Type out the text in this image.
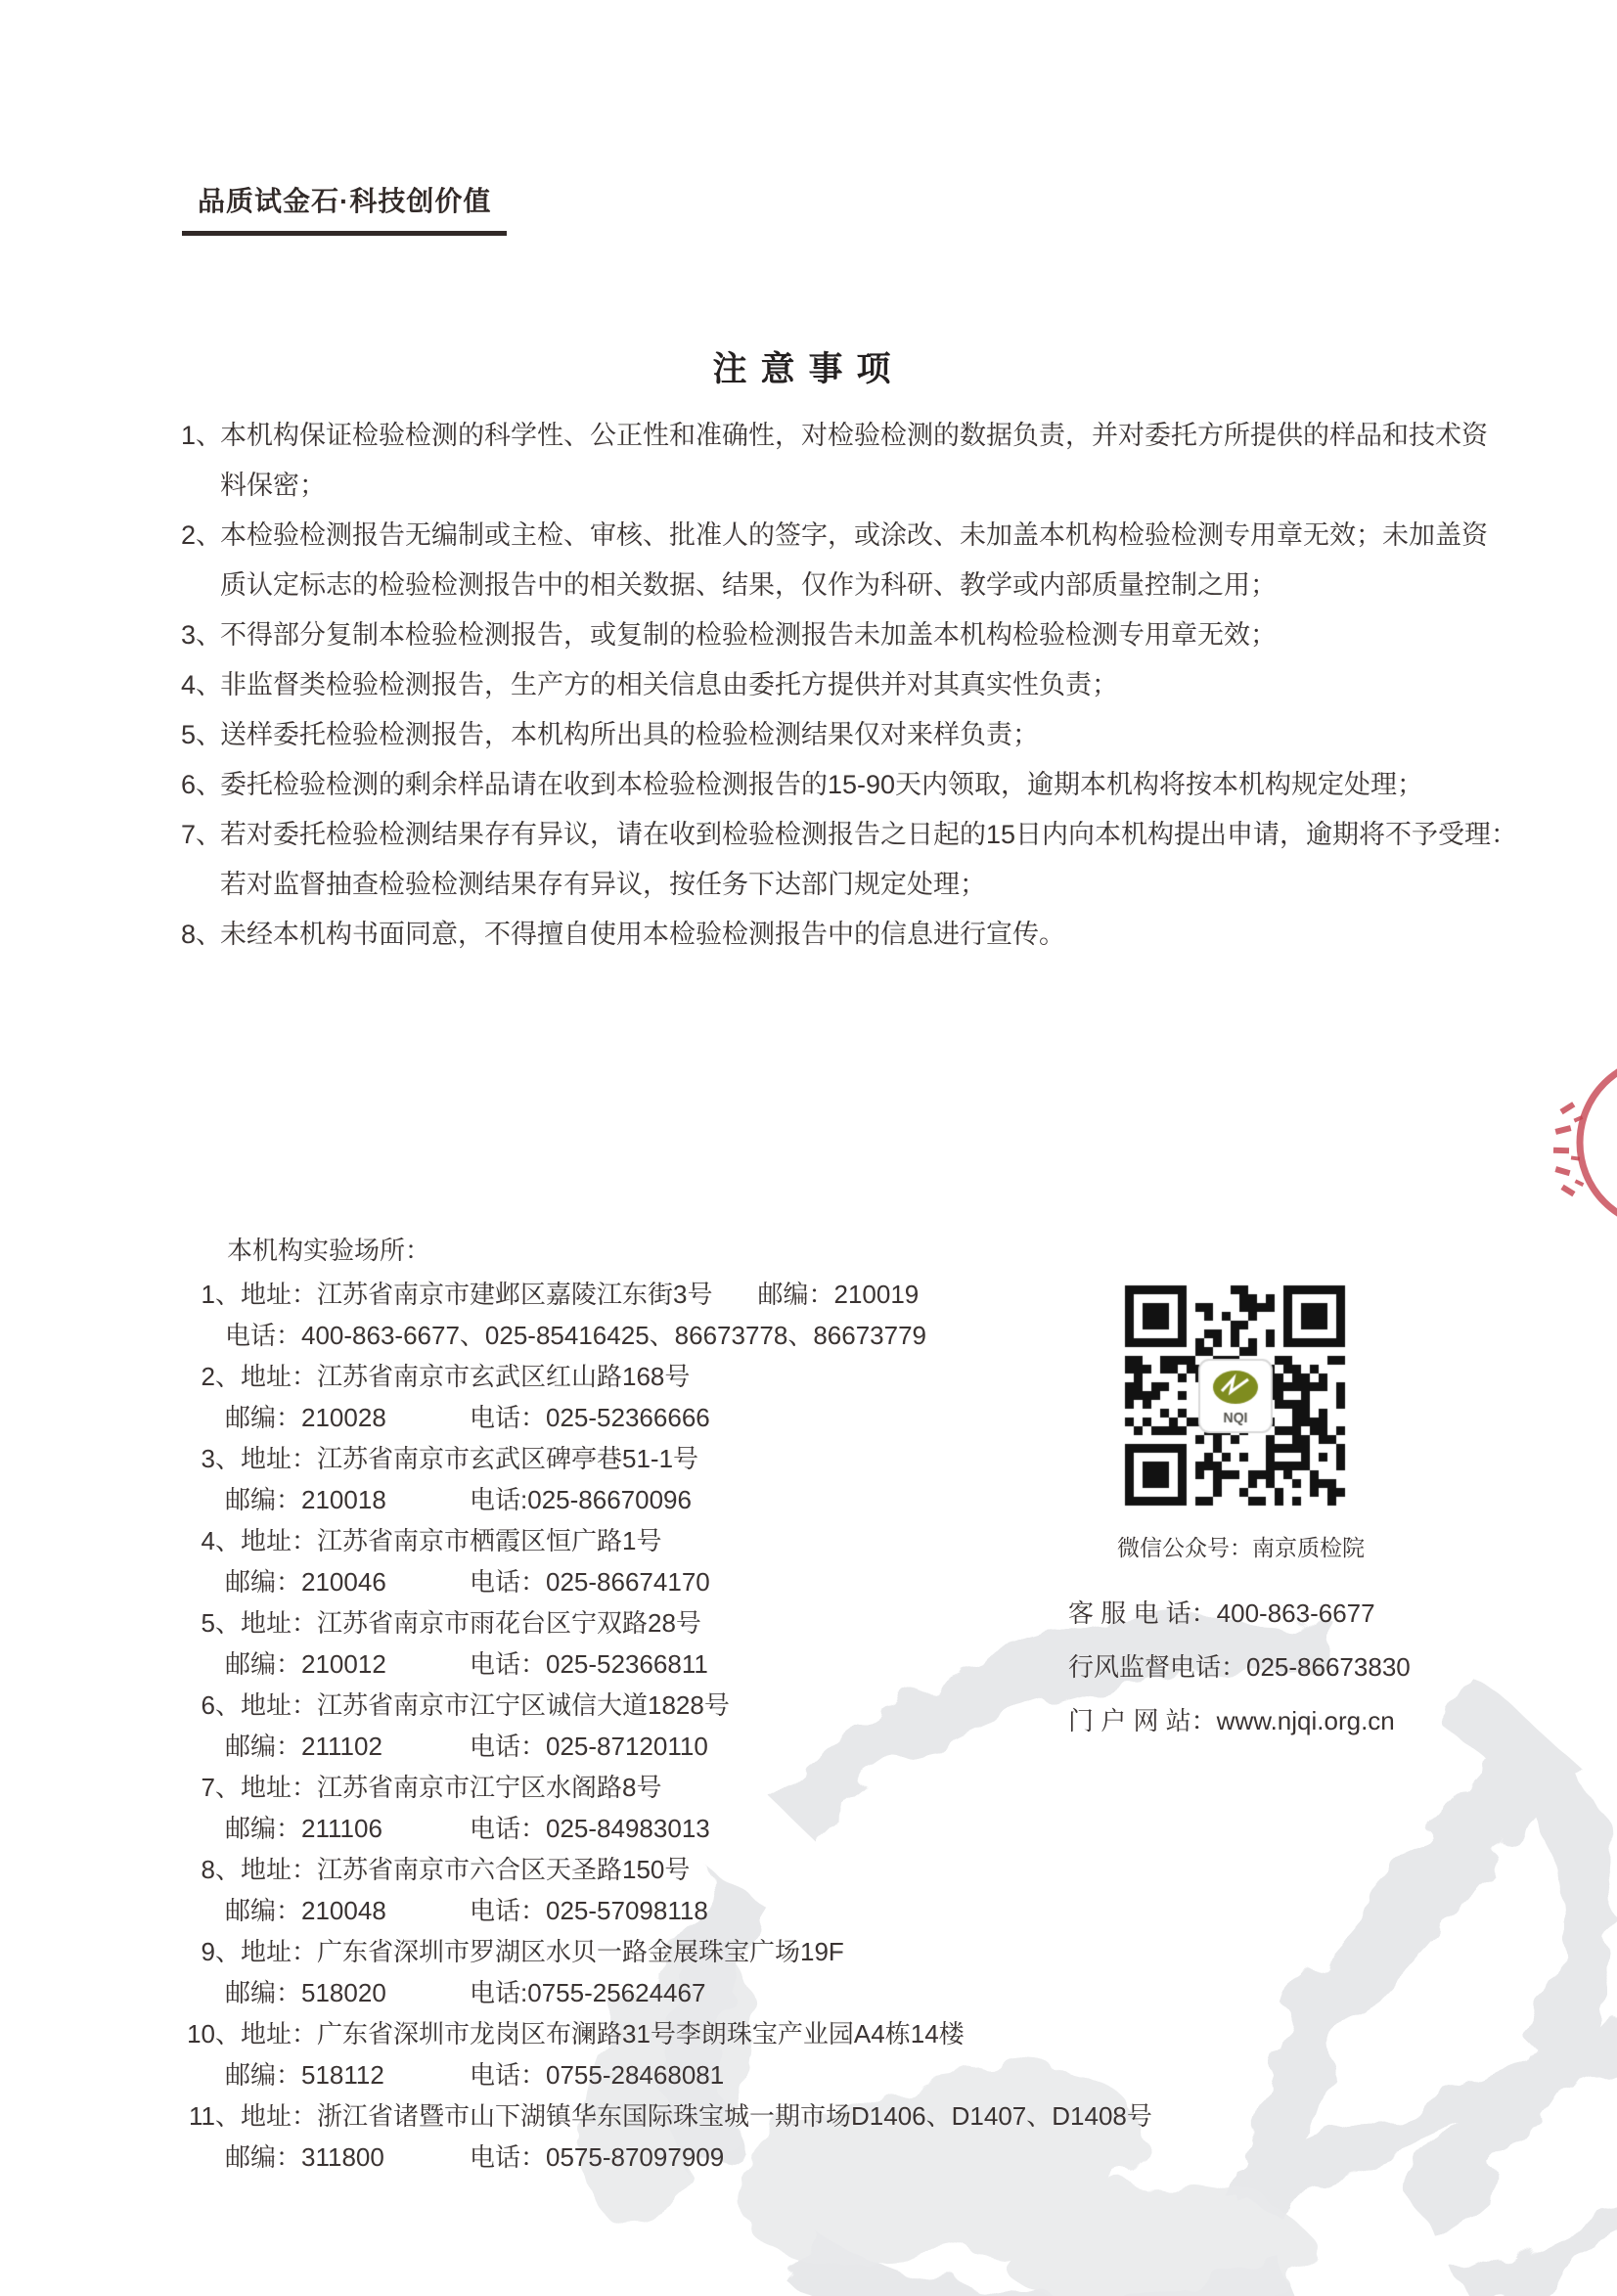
品质试金石·科技创价值
注意事项
1、
本机构保证检验检测的科学性、公正性和准确性，对检验检测的数据负责，并对委托方所提供的样品和技术资
料保密；
2、
本检验检测报告无编制或主检、审核、批准人的签字，或涂改、未加盖本机构检验检测专用章无效；未加盖资
质认定标志的检验检测报告中的相关数据、结果，仅作为科研、教学或内部质量控制之用；
3、
不得部分复制本检验检测报告，或复制的检验检测报告未加盖本机构检验检测专用章无效；
4、
非监督类检验检测报告，生产方的相关信息由委托方提供并对其真实性负责；
5、
送样委托检验检测报告，本机构所出具的检验检测结果仅对来样负责；
6、
委托检验检测的剩余样品请在收到本检验检测报告的15-90天内领取，逾期本机构将按本机构规定处理；
7、
若对委托检验检测结果存有异议，请在收到检验检测报告之日起的15日内向本机构提出申请，逾期将不予受理：
若对监督抽查检验检测结果存有异议，按任务下达部门规定处理；
8、
未经本机构书面同意，不得擅自使用本检验检测报告中的信息进行宣传。
本机构实验场所：
1、 地址： 江苏省南京市建邺区嘉陵江东街3号 邮编： 210019
电话： 400-863-6677、025-85416425、86673778、86673779
2、 地址： 江苏省南京市玄武区红山路168号
邮编：210028	电话： 025-52366666
3、 地址： 江苏省南京市玄武区碑亭巷51-1号
邮编：210018	电话: 025-86670096
4、 地址： 江苏省南京市栖霞区恒广路1号
邮编：210046	电话： 025-86674170
5、 地址： 江苏省南京市雨花台区宁双路28号
邮编：210012	电话： 025-52366811
6、 地址： 江苏省南京市江宁区诚信大道1828号
邮编：211102	电话： 025-87120110
7、 地址： 江苏省南京市江宁区水阁路8号
邮编：211106	电话： 025-84983013
8、 地址： 江苏省南京市六合区天圣路150号
邮编：210048	电话： 025-57098118
9、 地址： 广东省深圳市罗湖区水贝一路金展珠宝广场19F
邮编：518020	电话: 0755-25624467
10、 地址： 广东省深圳市龙岗区布澜路31号李朗珠宝产业园A4栋14楼
邮编：518112	电话： 0755-28468081
11、 地址： 浙江省诸暨市山下湖镇华东国际珠宝城一期市场D1406、D1407、D1408号
邮编：311800	电话： 0575-87097909
微信公众号：南京质检院
客 服 电 话：400-863-6677
行风监督电话：025-86673830
门 户 网 站：www.njqi.org.cn
